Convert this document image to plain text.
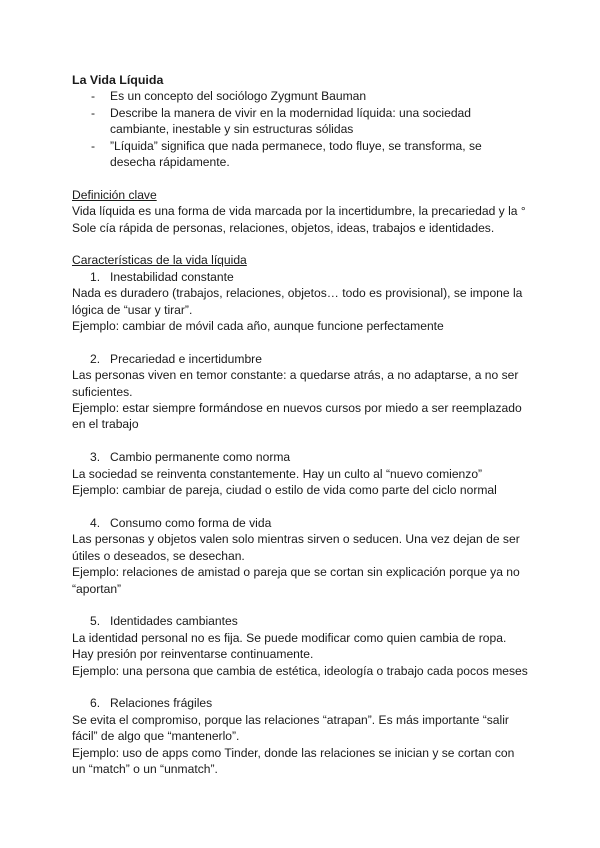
La Vida Líquida

- Es un concepto del sociólogo Zygmunt Bauman
- Describe la manera de vivir en la modernidad líquida: una sociedad cambiante, inestable y sin estructuras sólidas
- ”Líquida” significa que nada permanece, todo fluye, se transforma, se desecha rápidamente.

Definición clave

Vida líquida es una forma de vida marcada por la incertidumbre, la precariedad y la ° Sole cía rápida de personas, relaciones, objetos, ideas, trabajos e identidades.

Características de la vida líquida

1. Inestabilidad constante

Nada es duradero (trabajos, relaciones, objetos… todo es provisional), se impone la lógica de “usar y tirar”.

Ejemplo: cambiar de móvil cada año, aunque funcione perfectamente

2. Precariedad e incertidumbre

Las personas viven en temor constante: a quedarse atrás, a no adaptarse, a no ser suficientes.

Ejemplo: estar siempre formándose en nuevos cursos por miedo a ser reemplazado en el trabajo

3. Cambio permanente como norma

La sociedad se reinventa constantemente. Hay un culto al “nuevo comienzo”

Ejemplo: cambiar de pareja, ciudad o estilo de vida como parte del ciclo normal

4. Consumo como forma de vida

Las personas y objetos valen solo mientras sirven o seducen. Una vez dejan de ser útiles o deseados, se desechan.

Ejemplo: relaciones de amistad o pareja que se cortan sin explicación porque ya no “aportan”

5. Identidades cambiantes

La identidad personal no es fija. Se puede modificar como quien cambia de ropa. Hay presión por reinventarse continuamente.

Ejemplo: una persona que cambia de estética, ideología o trabajo cada pocos meses

6. Relaciones frágiles

Se evita el compromiso, porque las relaciones “atrapan”. Es más importante “salir fácil” de algo que “mantenerlo”.

Ejemplo: uso de apps como Tinder, donde las relaciones se inician y se cortan con un “match” o un “unmatch”.
